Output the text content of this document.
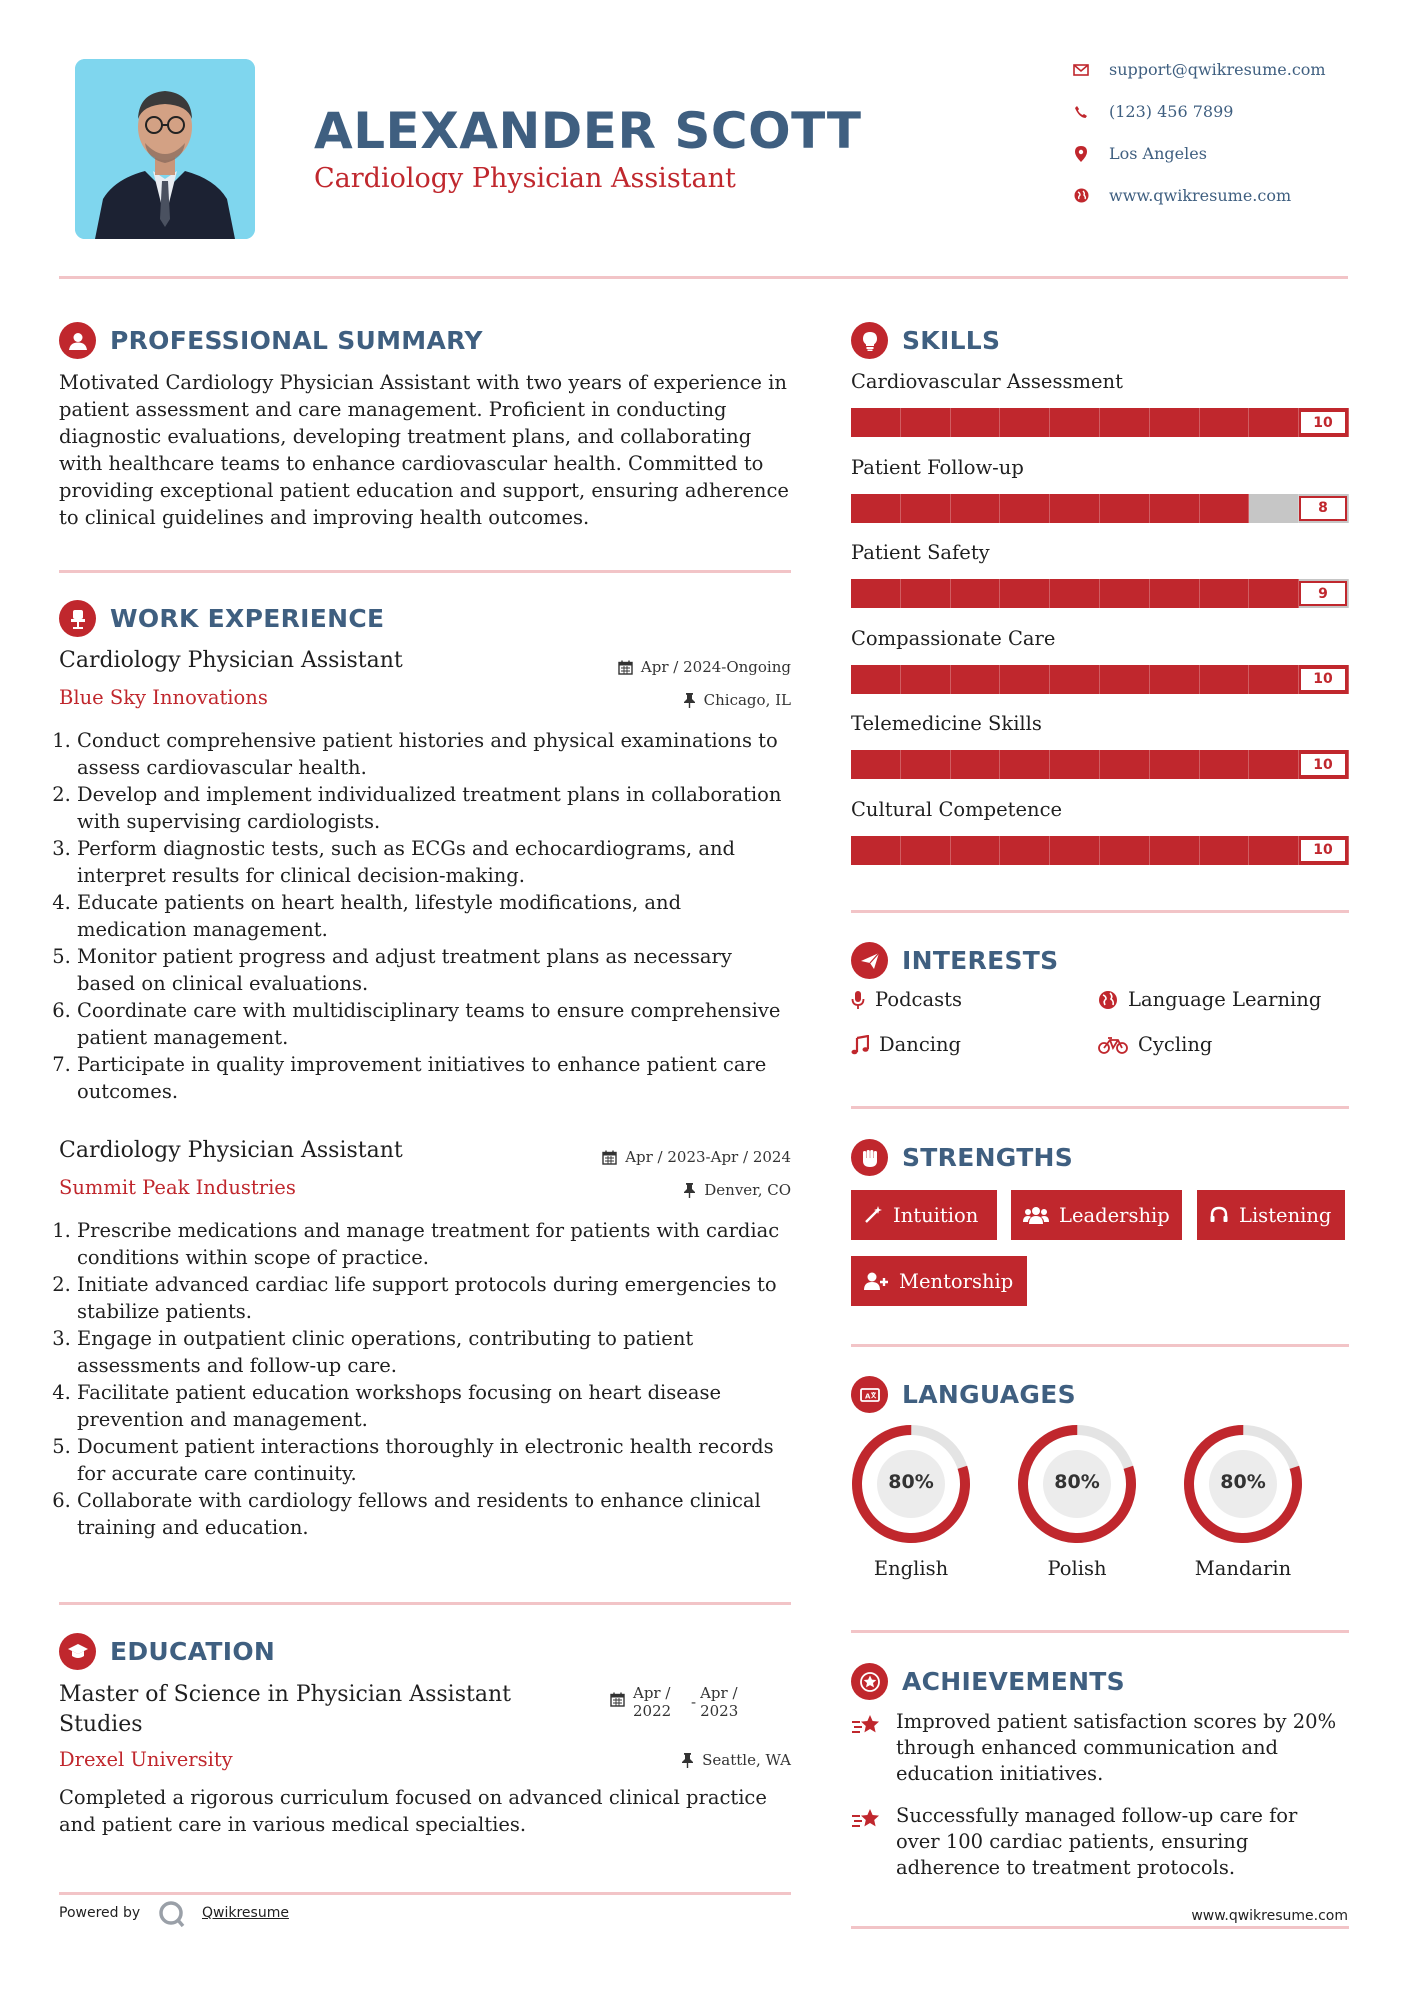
ALEXANDER SCOTT
Cardiology Physician Assistant
support@qwikresume.com
(123) 456 7899
Los Angeles
www.qwikresume.com
PROFESSIONAL SUMMARY
Motivated Cardiology Physician Assistant with two years of experience in patient assessment and care management. Proficient in conducting diagnostic evaluations, developing treatment plans, and collaborating with healthcare teams to enhance cardiovascular health. Committed to providing exceptional patient education and support, ensuring adherence to clinical guidelines and improving health outcomes.
WORK EXPERIENCE
Cardiology Physician Assistant	Apr / 2024-Ongoing
Blue Sky Innovations	Chicago, IL
1. Conduct comprehensive patient histories and physical examinations to assess cardiovascular health.
2. Develop and implement individualized treatment plans in collaboration with supervising cardiologists.
3. Perform diagnostic tests, such as ECGs and echocardiograms, and interpret results for clinical decision-making.
4. Educate patients on heart health, lifestyle modifications, and medication management.
5. Monitor patient progress and adjust treatment plans as necessary based on clinical evaluations.
6. Coordinate care with multidisciplinary teams to ensure comprehensive patient management.
7. Participate in quality improvement initiatives to enhance patient care outcomes.
Cardiology Physician Assistant	Apr / 2023-Apr / 2024
Summit Peak Industries	Denver, CO
1. Prescribe medications and manage treatment for patients with cardiac conditions within scope of practice.
2. Initiate advanced cardiac life support protocols during emergencies to stabilize patients.
3. Engage in outpatient clinic operations, contributing to patient assessments and follow-up care.
4. Facilitate patient education workshops focusing on heart disease prevention and management.
5. Document patient interactions thoroughly in electronic health records for accurate care continuity.
6. Collaborate with cardiology fellows and residents to enhance clinical training and education.
EDUCATION
Master of Science in Physician Assistant Studies
Apr / 2022	- Apr / 2023
Drexel University	Seattle, WA
Completed a rigorous curriculum focused on advanced clinical practice and patient care in various medical specialties.
Powered by	Qwikresume
SKILLS
Cardiovascular Assessment
10
Patient Follow-up
8
Patient Safety
9
Compassionate Care
10
Telemedicine Skills
10
Cultural Competence
10
INTERESTS
Podcasts	Language Learning
Dancing	Cycling
STRENGTHS
Intuition	Leadership	Listening
Mentorship
A LANGUAGES
80%
English
80%
Polish
80%
Mandarin
ACHIEVEMENTS
Improved patient satisfaction scores by 20% through enhanced communication and education initiatives.
Successfully managed follow-up care for over 100 cardiac patients, ensuring adherence to treatment protocols.
www.qwikresume.com
